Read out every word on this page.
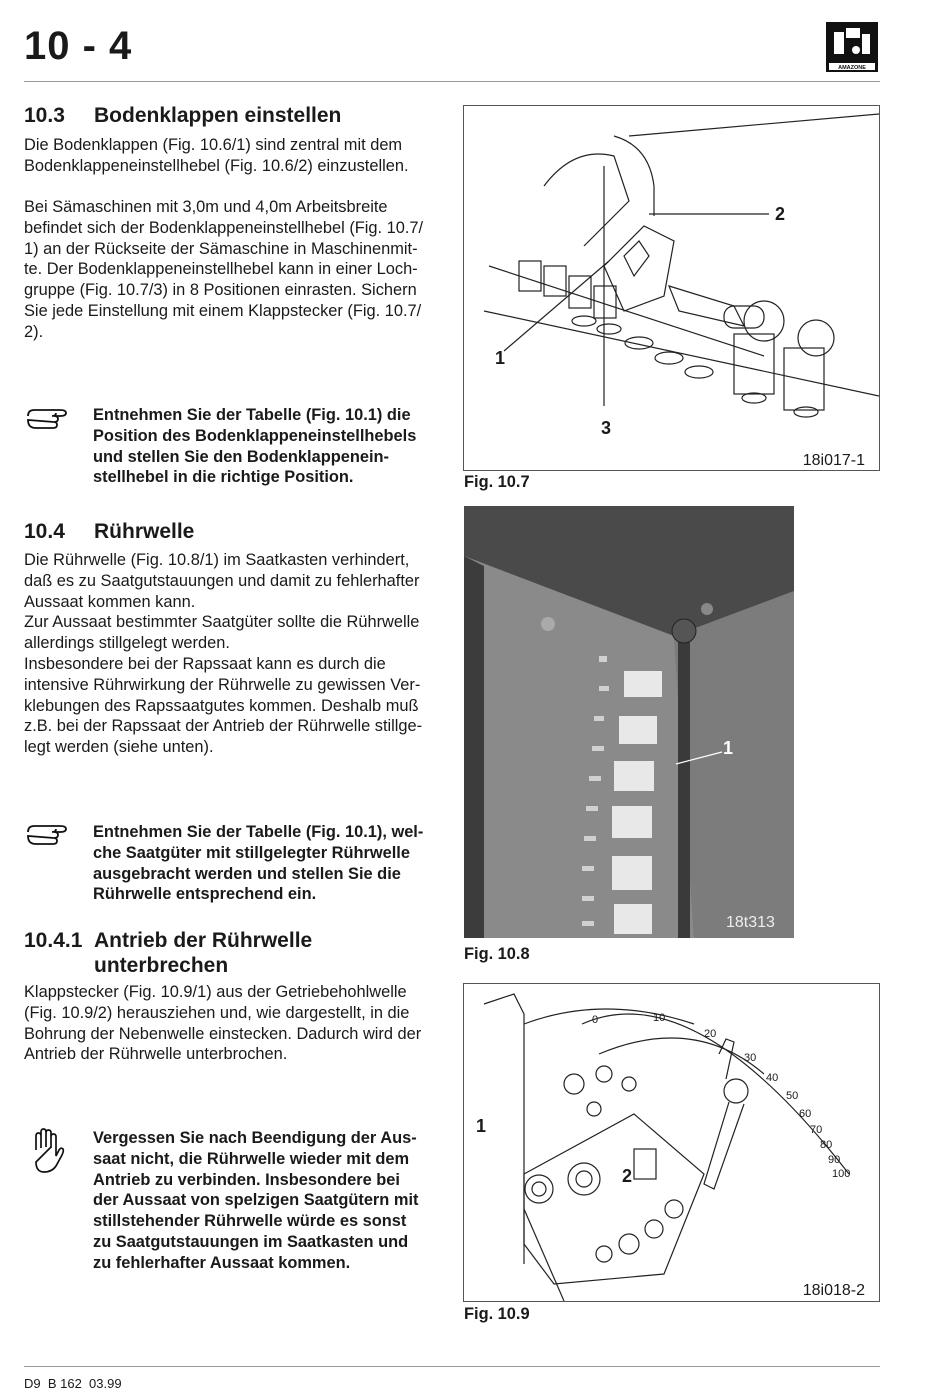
10 - 4	AMAZONE
10.3 Bodenklappen einstellen
Die Bodenklappen (Fig. 10.6/1) sind zentral mit dem
Bodenklappeneinstellhebel (Fig. 10.6/2) einzustellen.
Bei Sämaschinen mit 3,0m und 4,0m Arbeitsbreite
befindet sich der Bodenklappeneinstellhebel (Fig. 10.7/
1) an der Rückseite der Sämaschine in Maschinenmit-
te. Der Bodenklappeneinstellhebel kann in einer Loch-
gruppe (Fig. 10.7/3) in 8 Positionen einrasten. Sichern
Sie jede Einstellung mit einem Klappstecker (Fig. 10.7/
2).
Entnehmen Sie der Tabelle (Fig. 10.1) die
Position des Bodenklappeneinstellhebels
und stellen Sie den Bodenklappenein-
stellhebel in die richtige Position.
10.4 Rührwelle
Die Rührwelle (Fig. 10.8/1) im Saatkasten verhindert,
daß es zu Saatgutstauungen und damit zu fehlerhafter
Aussaat kommen kann.
Zur Aussaat bestimmter Saatgüter sollte die Rührwelle
allerdings stillgelegt werden.
Insbesondere bei der Rapssaat kann es durch die
intensive Rührwirkung der Rührwelle zu gewissen Ver-
klebungen des Rapssaatgutes kommen. Deshalb muß
z.B. bei der Rapssaat der Antrieb der Rührwelle stillge-
legt werden (siehe unten).
Entnehmen Sie der Tabelle (Fig. 10.1), wel-
che Saatgüter mit stillgelegter Rührwelle
ausgebracht werden und stellen Sie die
Rührwelle entsprechend ein.
10.4.1 Antrieb der Rührwelle
unterbrechen
Klappstecker (Fig. 10.9/1) aus der Getriebehohlwelle
(Fig. 10.9/2) herausziehen und, wie dargestellt, in die
Bohrung der Nebenwelle einstecken. Dadurch wird der
Antrieb der Rührwelle unterbrochen.
Vergessen Sie nach Beendigung der Aus-
saat nicht, die Rührwelle wieder mit dem
Antrieb zu verbinden. Insbesondere bei
der Aussaat von spelzigen Saatgütern mit
stillstehender Rührwelle würde es sonst
zu Saatgutstauungen im Saatkasten und
zu fehlerhafter Aussaat kommen.
1
2
3
18i017-1
Fig. 10.7
1
18t313
Fig. 10.8
0	10
20
30
40
50
60
70
80
90
100
1
2
18i018-2
Fig. 10.9
D9  B 162  03.99
